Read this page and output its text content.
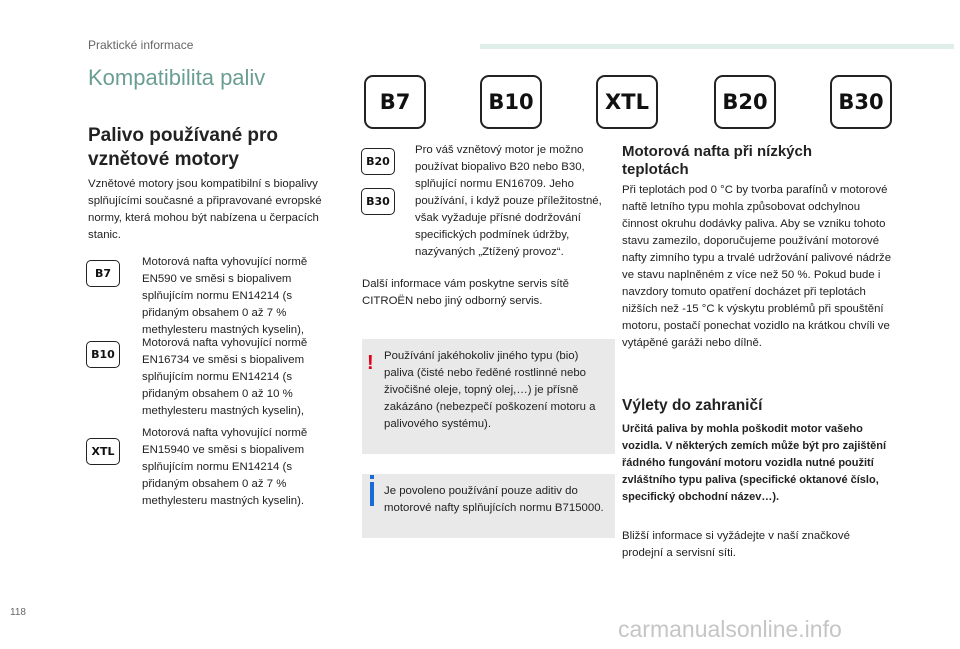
Praktické informace
Kompatibilita paliv
Palivo používané pro vznětové motory
Vznětové motory jsou kompatibilní s biopalivy splňujícími současné a připravované evropské normy, která mohou být nabízena u čerpacích stanic.
B7
Motorová nafta vyhovující normě EN590 ve směsi s biopalivem splňujícím normu EN14214 (s přidaným obsahem 0 až 7 % methylesteru mastných kyselin),
B10
Motorová nafta vyhovující normě EN16734 ve směsi s biopalivem splňujícím normu EN14214 (s přidaným obsahem 0 až 10 % methylesteru mastných kyselin),
XTL
Motorová nafta vyhovující normě EN15940 ve směsi s biopalivem splňujícím normu EN14214 (s přidaným obsahem 0 až 7 % methylesteru mastných kyselin).
B7	B10	XTL	B20	B30
B20
B30
Pro váš vznětový motor je možno používat biopalivo B20 nebo B30, splňující normu EN16709. Jeho používání, i když pouze příležitostné, však vyžaduje přísné dodržování specifických podmínek údržby, nazývaných „Ztížený provoz“.
Další informace vám poskytne servis sítě CITROËN nebo jiný odborný servis.
! Používání jakéhokoliv jiného typu (bio) paliva (čisté nebo ředěné rostlinné nebo živočišné oleje, topný olej,…) je přísně zakázáno (nebezpečí poškození motoru a palivového systému).
Je povoleno používání pouze aditiv do motorové nafty splňujících normu B715000.
Motorová nafta při nízkých teplotách
Při teplotách pod 0 °C by tvorba parafínů v motorové naftě letního typu mohla způsobovat odchylnou činnost okruhu dodávky paliva. Aby se vzniku tohoto stavu zamezilo, doporučujeme používání motorové nafty zimního typu a trvalé udržování palivové nádrže ve stavu naplněném z více než 50 %. Pokud bude i navzdory tomuto opatření docházet při teplotách nižších než -15 °C k výskytu problémů při spouštění motoru, postačí ponechat vozidlo na krátkou chvíli ve vytápěné garáži nebo dílně.
Výlety do zahraničí
Určitá paliva by mohla poškodit motor vašeho vozidla. V některých zemích může být pro zajištění řádného fungování motoru vozidla nutné použití zvláštního typu paliva (specifické oktanové číslo, specifický obchodní název…).
Bližší informace si vyžádejte v naší značkové prodejní a servisní síti.
118
carmanualsonline.info
